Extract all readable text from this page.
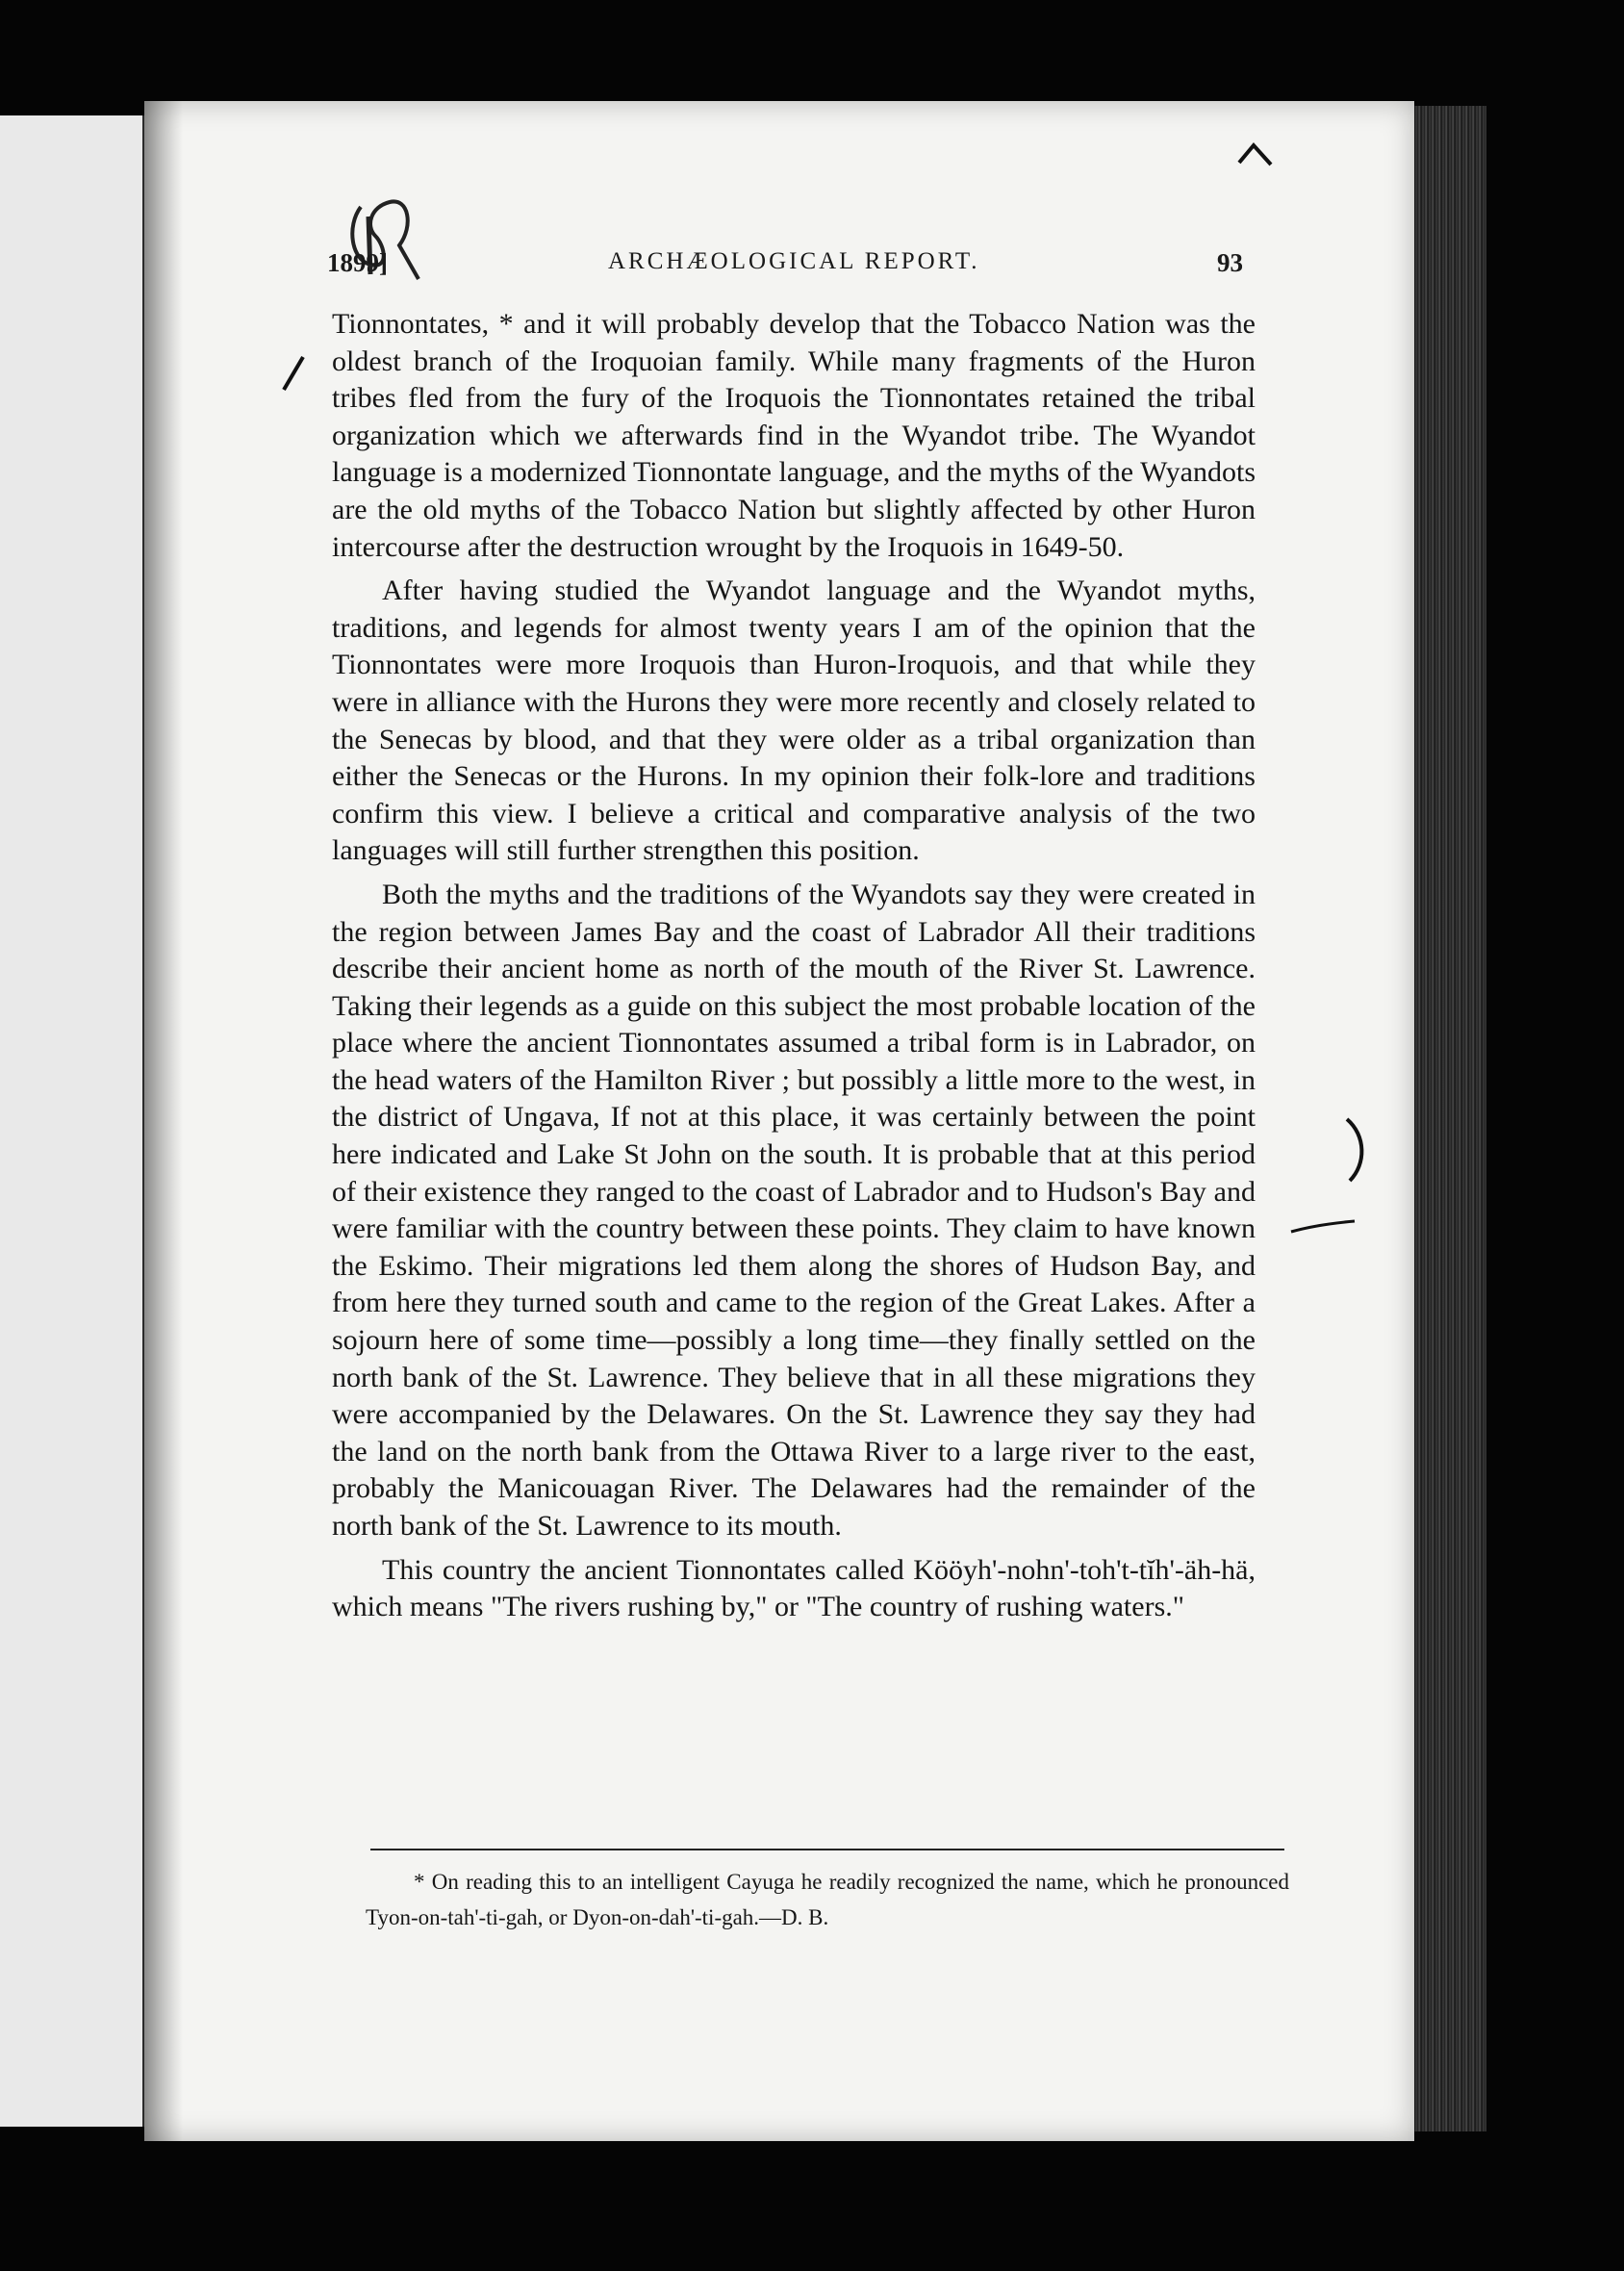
1899]	ARCHÆOLOGICAL REPORT.	93

Tionnontates, * and it will probably develop that the Tobacco Nation was the oldest branch of the Iroquoian family. While many fragments of the Huron tribes fled from the fury of the Iroquois the Tionnontates retained the tribal organization which we afterwards find in the Wyandot tribe. The Wyandot language is a modernized Tionnontate language, and the myths of the Wyandots are the old myths of the Tobacco Nation but slightly affected by other Huron intercourse after the destruction wrought by the Iroquois in 1649-50.

After having studied the Wyandot language and the Wyandot myths, traditions, and legends for almost twenty years I am of the opinion that the Tionnontates were more Iroquois than Huron-Iroquois, and that while they were in alliance with the Hurons they were more recently and closely related to the Senecas by blood, and that they were older as a tribal organization than either the Senecas or the Hurons. In my opinion their folk-lore and traditions confirm this view. I believe a critical and comparative analysis of the two languages will still further strengthen this position.

Both the myths and the traditions of the Wyandots say they were created in the region between James Bay and the coast of Labrador All their traditions describe their ancient home as north of the mouth of the River St. Lawrence. Taking their legends as a guide on this subject the most probable location of the place where the ancient Tionnontates assumed a tribal form is in Labrador, on the head waters of the Hamilton River ; but possibly a little more to the west, in the district of Ungava, If not at this place, it was certainly between the point here indicated and Lake St John on the south. It is probable that at this period of their existence they ranged to the coast of Labrador and to Hudson's Bay and were familiar with the country between these points. They claim to have known the Eskimo. Their migrations led them along the shores of Hudson Bay, and from here they turned south and came to the region of the Great Lakes. After a sojourn here of some time—possibly a long time—they finally settled on the north bank of the St. Lawrence. They believe that in all these migrations they were accompanied by the Delawares. On the St. Lawrence they say they had the land on the north bank from the Ottawa River to a large river to the east, probably the Manicouagan River. The Delawares had the remainder of the north bank of the St. Lawrence to its mouth.

This country the ancient Tionnontates called Kööyh'-nohn'-toh't-tĭh'-äh-hä, which means "The rivers rushing by," or "The country of rushing waters."

* On reading this to an intelligent Cayuga he readily recognized the name, which he pronounced Tyon-on-tah'-ti-gah, or Dyon-on-dah'-ti-gah.—D. B.
